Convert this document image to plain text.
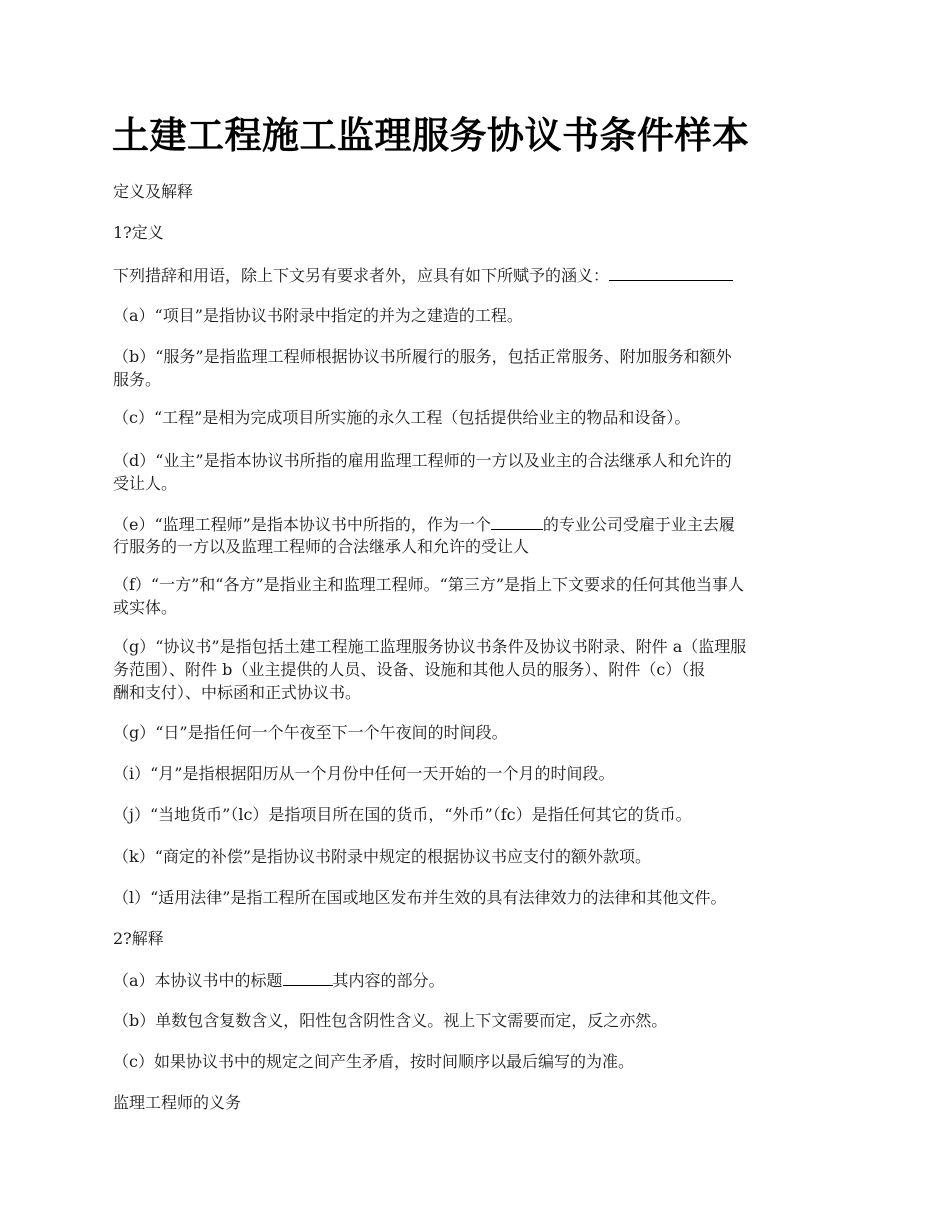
土建工程施工监理服务协议书条件样本

定义及解释

1?定义

下列措辞和用语，除上下文另有要求者外，应具有如下所赋予的涵义：

（a）“项目”是指协议书附录中指定的并为之建造的工程。

（b）“服务”是指监理工程师根据协议书所履行的服务，包括正常服务、附加服务和额外

服务。

（c）“工程”是相为完成项目所实施的永久工程（包括提供给业主的物品和设备）。

（d）“业主”是指本协议书所指的雇用监理工程师的一方以及业主的合法继承人和允许的

受让人。

（e）“监理工程师”是指本协议书中所指的，作为一个	的专业公司受雇于业主去履

行服务的一方以及监理工程师的合法继承人和允许的受让人

（f）“一方”和“各方”是指业主和监理工程师。“第三方”是指上下文要求的任何其他当事人

或实体。

（g）“协议书”是指包括土建工程施工监理服务协议书条件及协议书附录、附件 a（监理服

务范围）、附件 b（业主提供的人员、设备、设施和其他人员的服务）、附件（c）（报

酬和支付）、中标函和正式协议书。

（g）“日”是指任何一个午夜至下一个午夜间的时间段。

（i）“月”是指根据阳历从一个月份中任何一天开始的一个月的时间段。

（j）“当地货币”（lc）是指项目所在国的货币，“外币”（fc）是指任何其它的货币。

（k）“商定的补偿”是指协议书附录中规定的根据协议书应支付的额外款项。

（l）“适用法律”是指工程所在国或地区发布并生效的具有法律效力的法律和其他文件。

2?解释

（a）本协议书中的标题	其内容的部分。

（b）单数包含复数含义，阳性包含阴性含义。视上下文需要而定，反之亦然。

（c）如果协议书中的规定之间产生矛盾，按时间顺序以最后编写的为准。

监理工程师的义务
